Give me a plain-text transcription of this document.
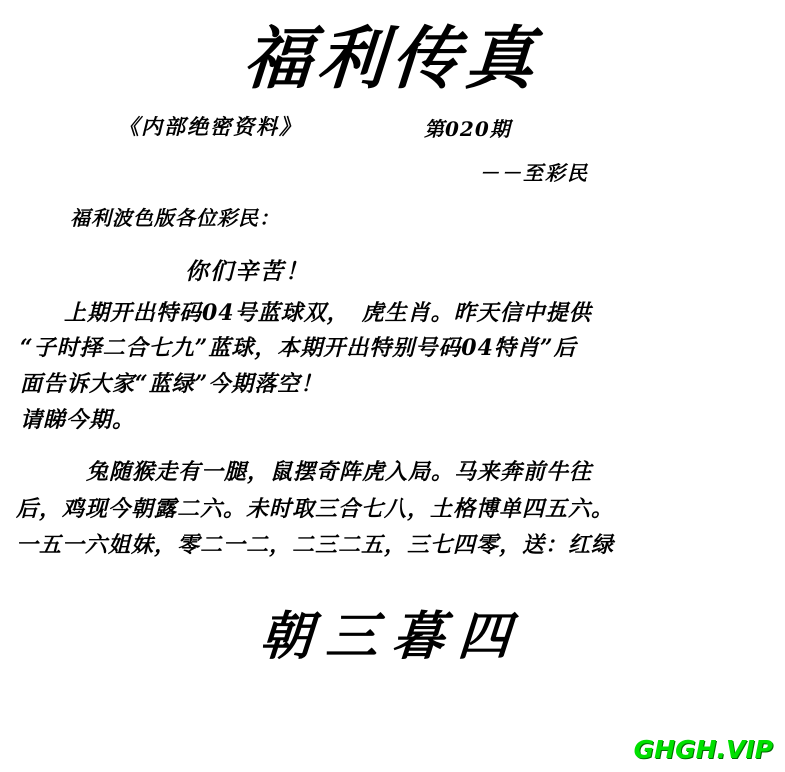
福利传真
《内部绝密资料》	第020期
－－至彩民
福利波色版各位彩民：
你们辛苦！

上期开出特码04号蓝球双，　虎生肖。昨天信中提供

“子时择二合七九”蓝球，本期开出特别号码04特肖”后

面告诉大家“蓝绿”今期落空！

请睇今期。

兔随猴走有一腿，鼠摆奇阵虎入局。马来奔前牛往

后，鸡现今朝露二六。未时取三合七八，土格博单四五六。

一五一六姐妹，零二一二，二三二五，三七四零，送：红绿

朝三暮四
GHGH.VIP
